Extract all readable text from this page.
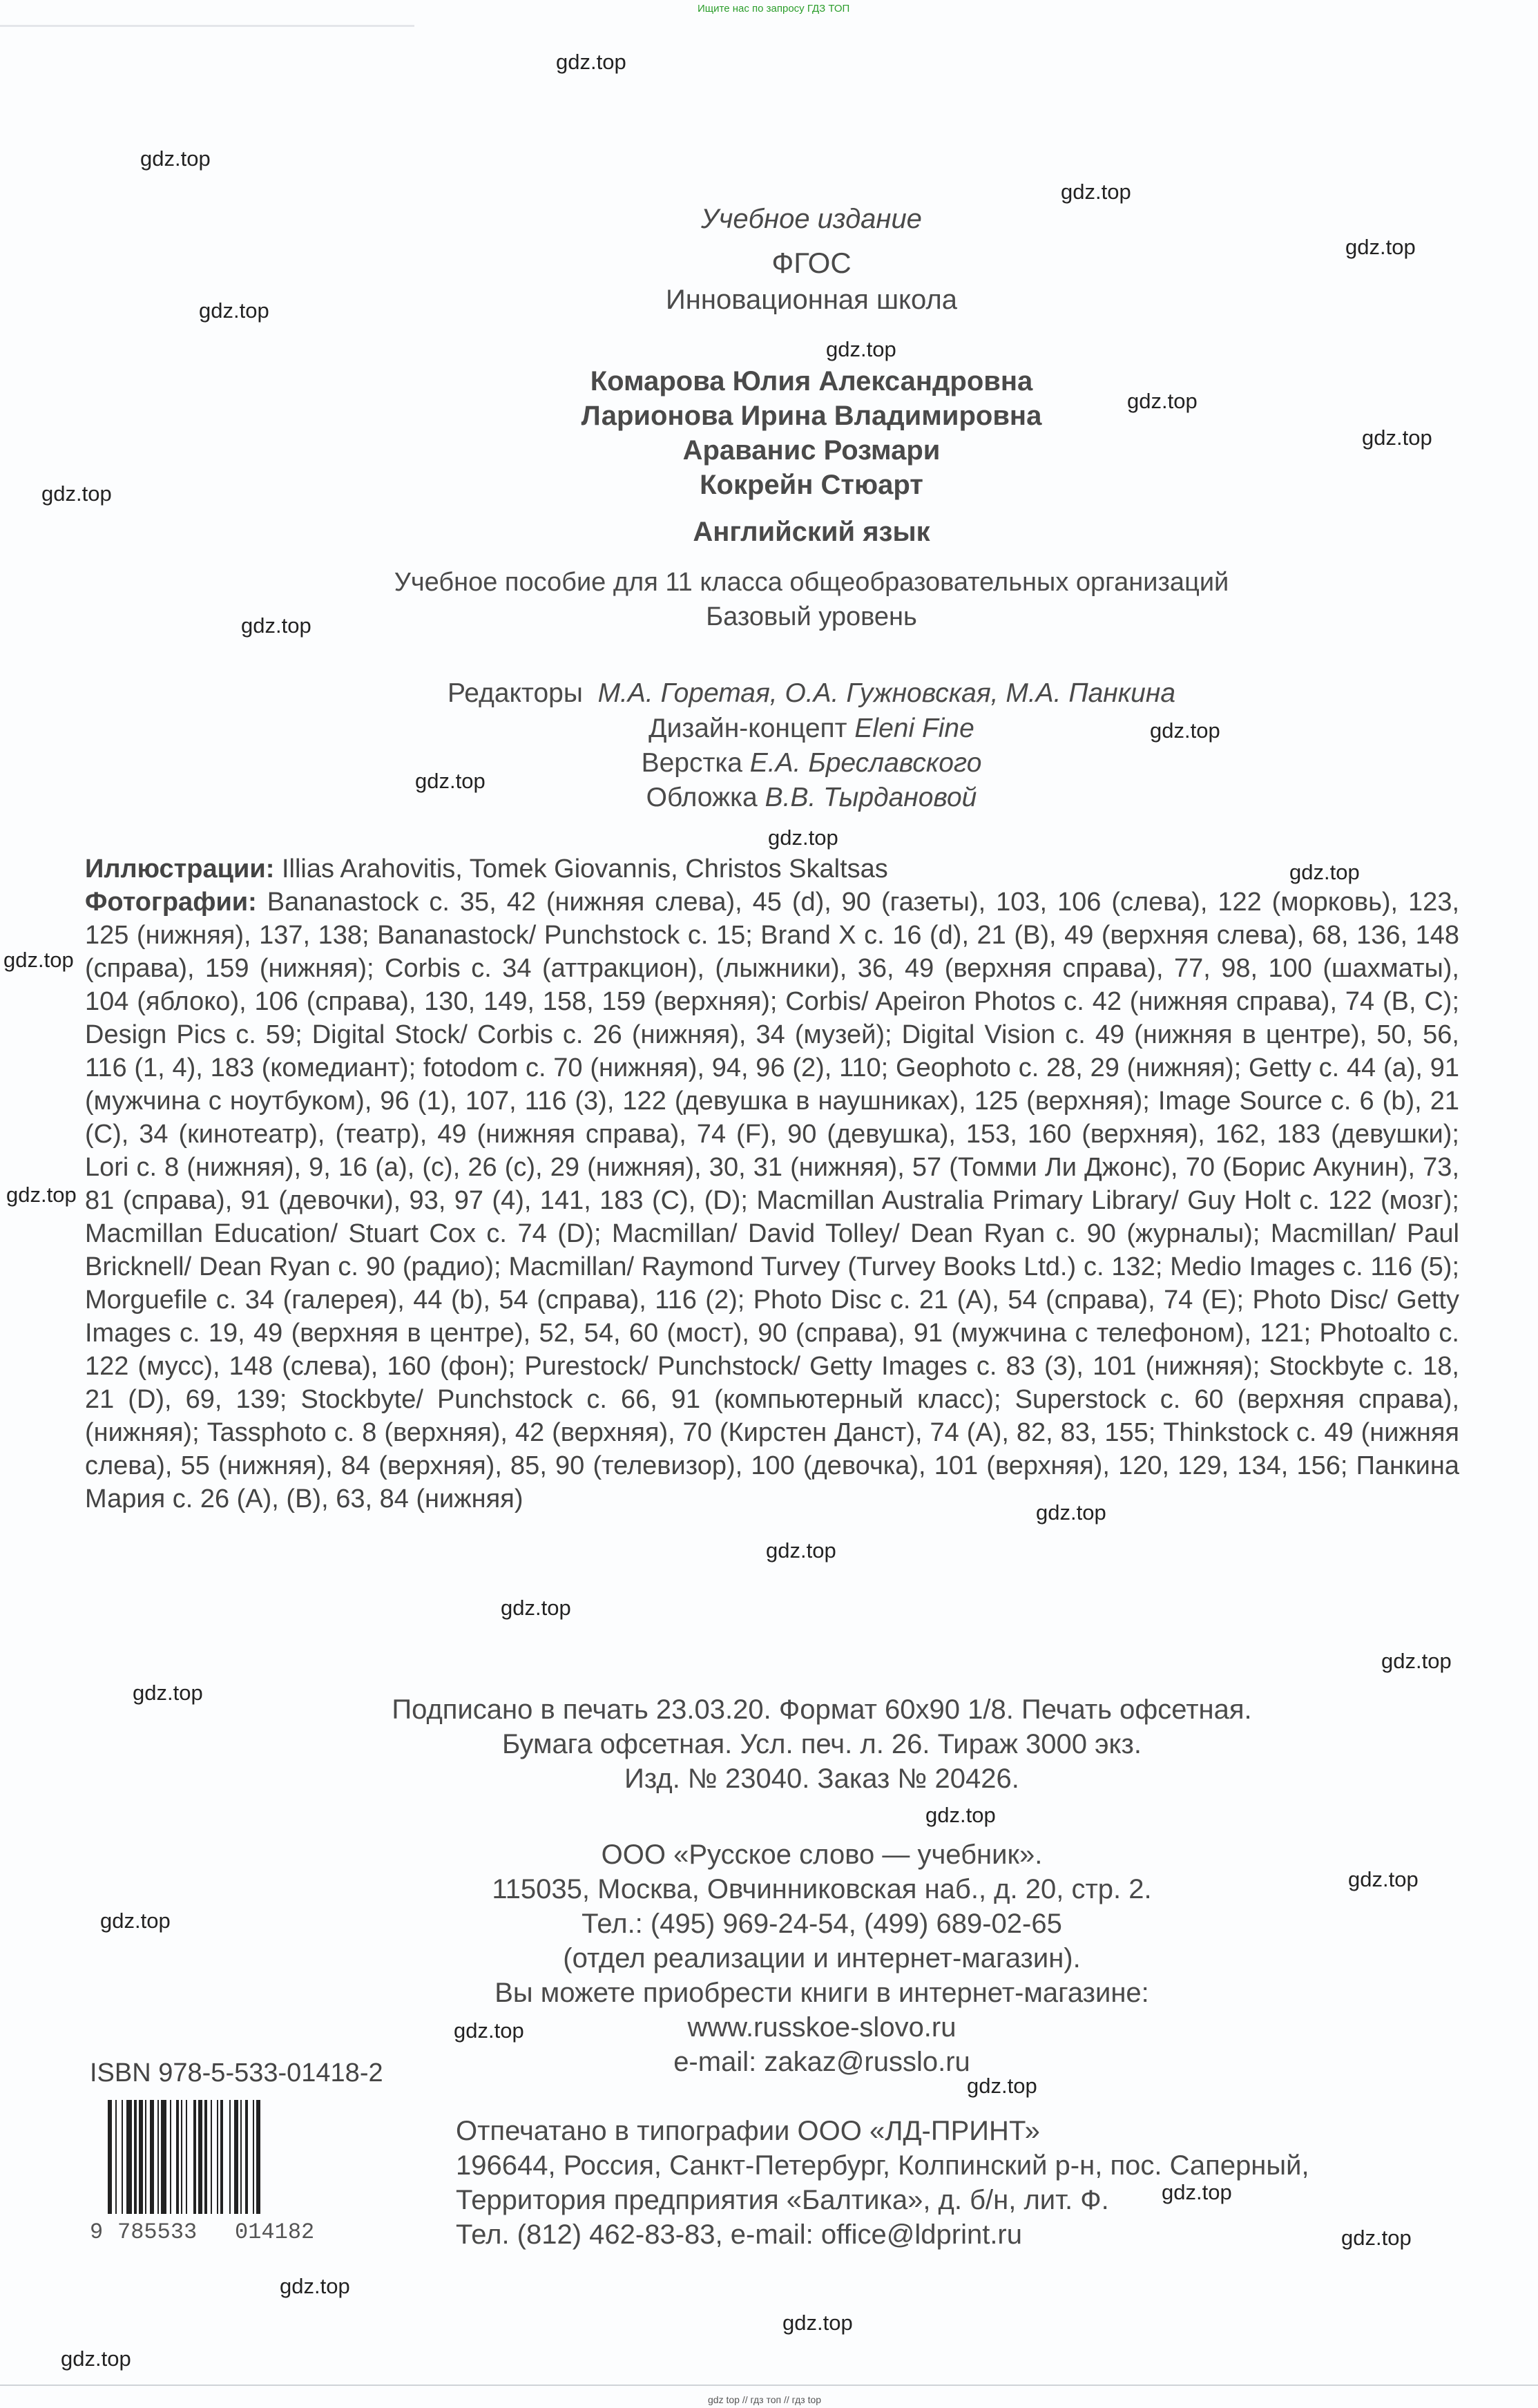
Ищите нас по запросу ГДЗ ТОП
Учебное издание
ФГОС
Инновационная школа
Комарова Юлия Александровна
Ларионова Ирина Владимировна
Араванис Розмари
Кокрейн Стюарт
Английский язык
Учебное пособие для 11 класса общеобразовательных организаций
Базовый уровень
Редакторы М.А. Горетая, О.А. Гужновская, М.А. Панкина
Дизайн-концепт Eleni Fine
Верстка Е.А. Бреславского
Обложка В.В. Тырдановой
Иллюстрации: Illias Arahovitis, Tomek Giovannis, Christos Skaltsas
Фотографии: Bananastock с. 35, 42 (нижняя слева), 45 (d), 90 (газеты), 103, 106 (слева), 122 (морковь), 123, 125 (нижняя), 137, 138; Bananastock/ Punchstock с. 15; Brand X с. 16 (d), 21 (B), 49 (верхняя слева), 68, 136, 148 (справа), 159 (нижняя); Corbis с. 34 (аттракцион), (лыжники), 36, 49 (верхняя справа), 77, 98, 100 (шахматы), 104 (яблоко), 106 (справа), 130, 149, 158, 159 (верхняя); Corbis/ Apeiron Photos с. 42 (нижняя справа), 74 (B, C); Design Pics с. 59; Digital Stock/ Corbis с. 26 (нижняя), 34 (музей); Digital Vision с. 49 (нижняя в центре), 50, 56, 116 (1, 4), 183 (комедиант); fotodom с. 70 (нижняя), 94, 96 (2), 110; Geophoto с. 28, 29 (нижняя); Getty с. 44 (a), 91 (мужчина с ноутбуком), 96 (1), 107, 116 (3), 122 (девушка в наушниках), 125 (верхняя); Image Source с. 6 (b), 21 (C), 34 (кинотеатр), (театр), 49 (нижняя справа), 74 (F), 90 (девушка), 153, 160 (верхняя), 162, 183 (девушки); Lori с. 8 (нижняя), 9, 16 (a), (c), 26 (c), 29 (нижняя), 30, 31 (нижняя), 57 (Томми Ли Джонс), 70 (Борис Акунин), 73, 81 (справа), 91 (девочки), 93, 97 (4), 141, 183 (C), (D); Macmillan Australia Primary Library/ Guy Holt с. 122 (мозг); Macmillan Education/ Stuart Cox с. 74 (D); Macmillan/ David Tolley/ Dean Ryan с. 90 (журналы); Macmillan/ Paul Bricknell/ Dean Ryan с. 90 (радио); Macmillan/ Raymond Turvey (Turvey Books Ltd.) с. 132; Medio Images с. 116 (5); Morguefile с. 34 (галерея), 44 (b), 54 (справа), 116 (2); Photo Disc с. 21 (A), 54 (справа), 74 (E); Photo Disc/ Getty Images с. 19, 49 (верхняя в центре), 52, 54, 60 (мост), 90 (справа), 91 (мужчина с телефоном), 121; Photoalto с. 122 (мусс), 148 (слева), 160 (фон); Purestock/ Punchstock/ Getty Images с. 83 (3), 101 (нижняя); Stockbyte с. 18, 21 (D), 69, 139; Stockbyte/ Punchstock с. 66, 91 (компьютерный класс); Superstock с. 60 (верхняя справа), (нижняя); Tassphoto с. 8 (верхняя), 42 (верхняя), 70 (Кирстен Данст), 74 (A), 82, 83, 155; Thinkstock с. 49 (нижняя слева), 55 (нижняя), 84 (верхняя), 85, 90 (телевизор), 100 (девочка), 101 (верхняя), 120, 129, 134, 156; Панкина Мария с. 26 (A), (B), 63, 84 (нижняя)
Подписано в печать 23.03.20. Формат 60x90 1/8. Печать офсетная.
Бумага офсетная. Усл. печ. л. 26. Тираж 3000 экз.
Изд. № 23040. Заказ № 20426.
ООО «Русское слово — учебник».
115035, Москва, Овчинниковская наб., д. 20, стр. 2.
Тел.: (495) 969-24-54, (499) 689-02-65
(отдел реализации и интернет-магазин).
Вы можете приобрести книги в интернет-магазине:
www.russkoe-slovo.ru
e-mail: zakaz@russlo.ru
ISBN 978-5-533-01418-2
9 785533 014182
Отпечатано в типографии ООО «ЛД-ПРИНТ»
196644, Россия, Санкт-Петербург, Колпинский р-н, пос. Саперный,
Территория предприятия «Балтика», д. б/н, лит. Ф.
Тел. (812) 462-83-83, e-mail: office@ldprint.ru
gdz.top
gdz.top
gdz.top
gdz.top
gdz.top
gdz.top
gdz.top
gdz.top
gdz.top
gdz.top
gdz.top
gdz.top
gdz.top
gdz.top
gdz.top
gdz.top
gdz.top
gdz.top
gdz.top
gdz.top
gdz.top
gdz.top
gdz.top
gdz.top
gdz.top
gdz.top
gdz.top
gdz.top
gdz.top
gdz.top
gdz.top
gdz top // гдз топ // гдз top
